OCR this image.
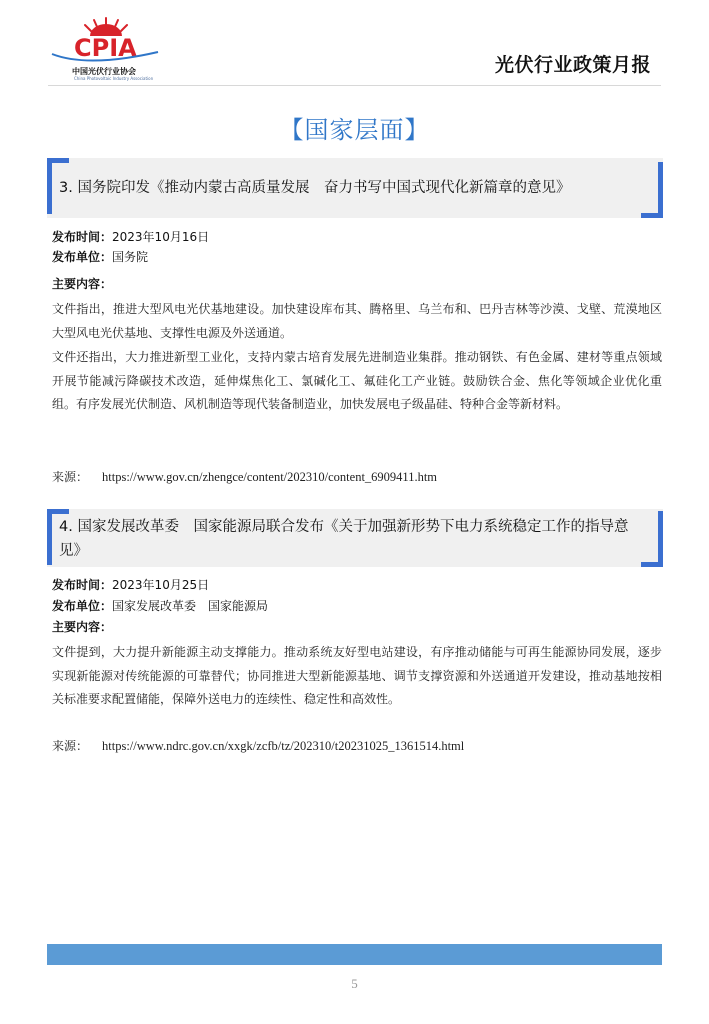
CPIA
中国光伏行业协会
China Photovoltaic Industry Association
光伏行业政策月报
【国家层面】
3. 国务院印发《推动内蒙古高质量发展　奋力书写中国式现代化新篇章的意见》
发布时间：2023年10月16日
发布单位：国务院
主要内容：
文件指出，推进大型风电光伏基地建设。加快建设库布其、腾格里、乌兰布和、巴丹吉林等沙漠、戈壁、荒漠地区大型风电光伏基地、支撑性电源及外送通道。
文件还指出，大力推进新型工业化，支持内蒙古培育发展先进制造业集群。推动钢铁、有色金属、建材等重点领域开展节能减污降碳技术改造，延伸煤焦化工、氯碱化工、氟硅化工产业链。鼓励铁合金、焦化等领域企业优化重组。有序发展光伏制造、风机制造等现代装备制造业，加快发展电子级晶硅、特种合金等新材料。
来源： https://www.gov.cn/zhengce/content/202310/content_6909411.htm
4. 国家发展改革委　国家能源局联合发布《关于加强新形势下电力系统稳定工作的指导意见》
发布时间：2023年10月25日
发布单位：国家发展改革委　国家能源局
主要内容：
文件提到，大力提升新能源主动支撑能力。推动系统友好型电站建设，有序推动储能与可再生能源协同发展，逐步实现新能源对传统能源的可靠替代；协同推进大型新能源基地、调节支撑资源和外送通道开发建设，推动基地按相关标准要求配置储能，保障外送电力的连续性、稳定性和高效性。
来源： https://www.ndrc.gov.cn/xxgk/zcfb/tz/202310/t20231025_1361514.html
5
